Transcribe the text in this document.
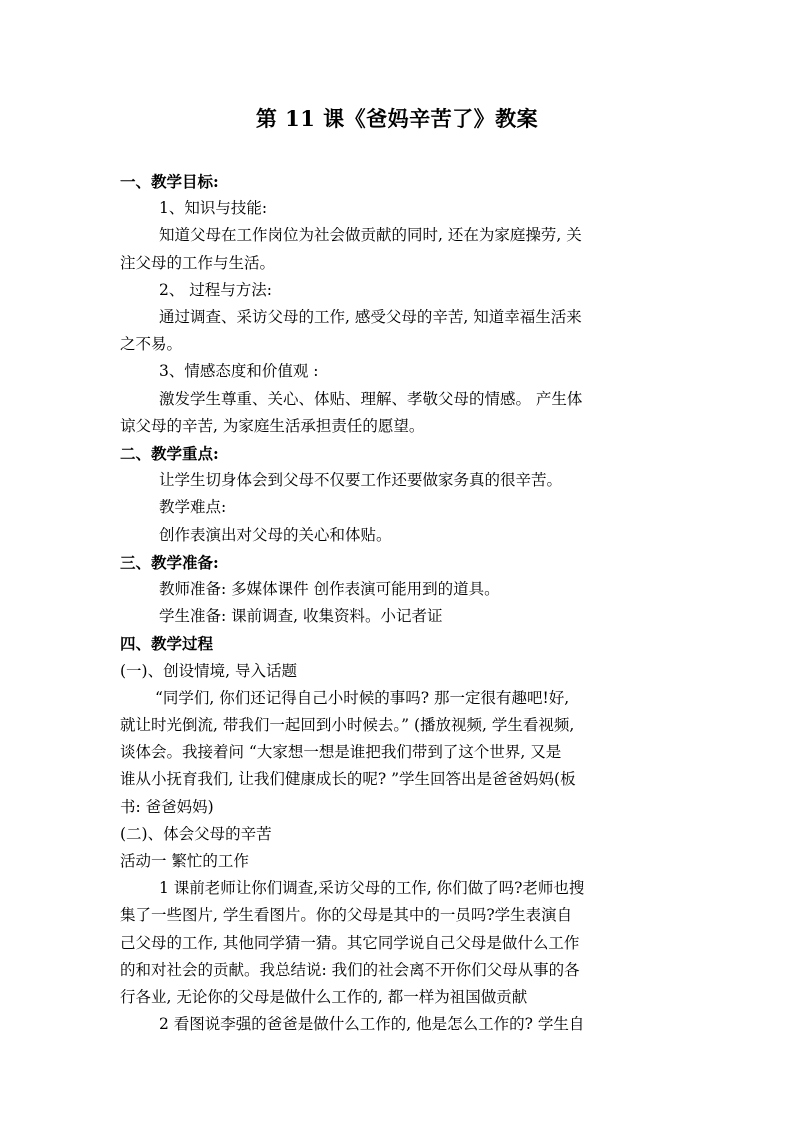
第 11 课《爸妈辛苦了》教案

一、教学目标:

1、知识与技能:

知道父母在工作岗位为社会做贡献的同时, 还在为家庭操劳, 关

注父母的工作与生活。

2、 过程与方法:

通过调查、采访父母的工作, 感受父母的辛苦, 知道幸福生活来

之不易。

3、情感态度和价值观 :

激发学生尊重、关心、体贴、理解、孝敬父母的情感。 产生体

谅父母的辛苦, 为家庭生活承担责任的愿望。

二、教学重点:

让学生切身体会到父母不仅要工作还要做家务真的很辛苦。

教学难点:

创作表演出对父母的关心和体贴。

三、教学准备:

教师准备: 多媒体课件 创作表演可能用到的道具。

学生准备: 课前调查, 收集资料。小记者证

四、教学过程

(一)、创设情境, 导入话题

“同学们, 你们还记得自己小时候的事吗? 那一定很有趣吧!好,

就让时光倒流, 带我们一起回到小时候去。” (播放视频, 学生看视频,

谈体会。我接着问 “大家想一想是谁把我们带到了这个世界, 又是

谁从小抚育我们, 让我们健康成长的呢? ”学生回答出是爸爸妈妈(板

书: 爸爸妈妈)

(二)、体会父母的辛苦

活动一 繁忙的工作

1 课前老师让你们调查,采访父母的工作, 你们做了吗?老师也搜

集了一些图片, 学生看图片。你的父母是其中的一员吗?学生表演自

己父母的工作, 其他同学猜一猜。其它同学说自己父母是做什么工作

的和对社会的贡献。我总结说: 我们的社会离不开你们父母从事的各

行各业, 无论你的父母是做什么工作的, 都一样为祖国做贡献

2 看图说李强的爸爸是做什么工作的, 他是怎么工作的? 学生自
